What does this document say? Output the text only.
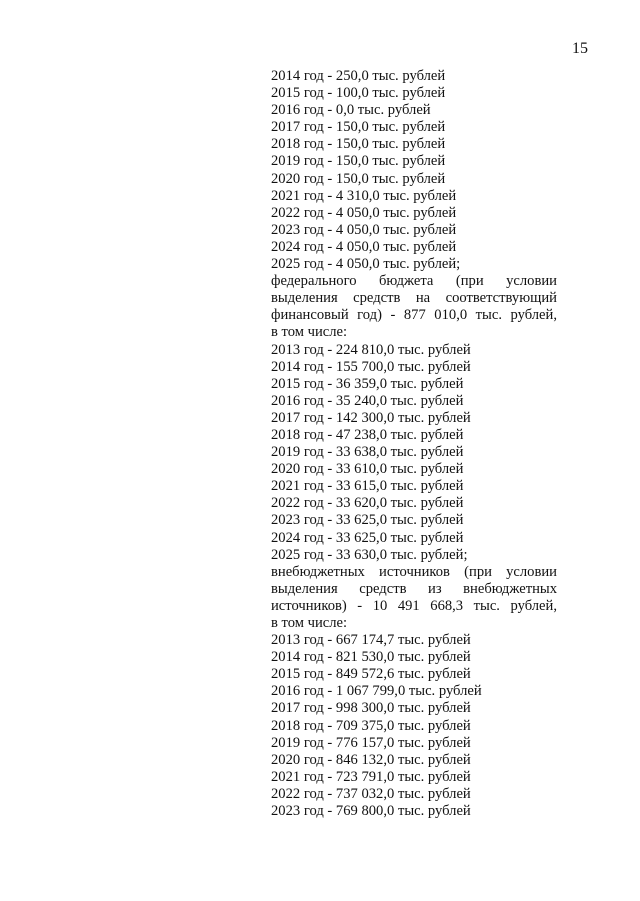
15
2014 год - 250,0 тыс. рублей
2015 год - 100,0 тыс. рублей
2016 год - 0,0 тыс. рублей
2017 год - 150,0 тыс. рублей
2018 год - 150,0 тыс. рублей
2019 год - 150,0 тыс. рублей
2020 год - 150,0 тыс. рублей
2021 год - 4 310,0 тыс. рублей
2022 год - 4 050,0 тыс. рублей
2023 год - 4 050,0 тыс. рублей
2024 год - 4 050,0 тыс. рублей
2025 год - 4 050,0 тыс. рублей;
федерального бюджета (при условии
выделения средств на соответствующий
финансовый год) - 877 010,0 тыс. рублей,
в том числе:
2013 год - 224 810,0 тыс. рублей
2014 год - 155 700,0 тыс. рублей
2015 год - 36 359,0 тыс. рублей
2016 год - 35 240,0 тыс. рублей
2017 год - 142 300,0 тыс. рублей
2018 год - 47 238,0 тыс. рублей
2019 год - 33 638,0 тыс. рублей
2020 год - 33 610,0 тыс. рублей
2021 год - 33 615,0 тыс. рублей
2022 год - 33 620,0 тыс. рублей
2023 год - 33 625,0 тыс. рублей
2024 год - 33 625,0 тыс. рублей
2025 год - 33 630,0 тыс. рублей;
внебюджетных источников (при условии
выделения средств из внебюджетных
источников) - 10 491 668,3 тыс. рублей,
в том числе:
2013 год - 667 174,7 тыс. рублей
2014 год - 821 530,0 тыс. рублей
2015 год - 849 572,6 тыс. рублей
2016 год - 1 067 799,0 тыс. рублей
2017 год - 998 300,0 тыс. рублей
2018 год - 709 375,0 тыс. рублей
2019 год - 776 157,0 тыс. рублей
2020 год - 846 132,0 тыс. рублей
2021 год - 723 791,0 тыс. рублей
2022 год - 737 032,0 тыс. рублей
2023 год - 769 800,0 тыс. рублей
